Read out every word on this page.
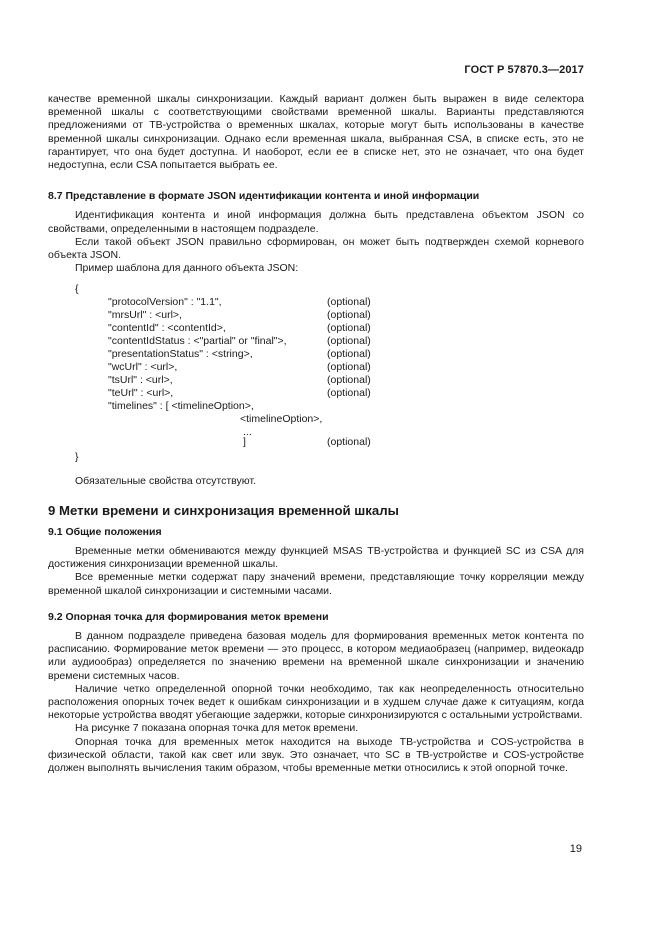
ГОСТ Р 57870.3—2017

качестве временной шкалы синхронизации. Каждый вариант должен быть выражен в виде селектора временной шкалы с соответствующими свойствами временной шкалы. Варианты представляются предложениями от ТВ-устройства о временных шкалах, которые могут быть использованы в качестве временной шкалы синхронизации. Однако если временная шкала, выбранная CSA, в списке есть, это не гарантирует, что она будет доступна. И наоборот, если ее в списке нет, это не означает, что она будет недоступна, если CSA попытается выбрать ее.

8.7 Представление в формате JSON идентификации контента и иной информации

Идентификация контента и иной информация должна быть представлена объектом JSON со свойствами, определенными в настоящем подразделе.

Если такой объект JSON правильно сформирован, он может быть подтвержден схемой корневого объекта JSON.

Пример шаблона для данного объекта JSON:

{
"protocolVersion" : "1.1",	(optional)
"mrsUrl" : <url>,	(optional)
"contentId" : <contentId>,	(optional)
"contentIdStatus : <"partial" or "final">,	(optional)
"presentationStatus" : <string>,	(optional)
"wcUrl" : <url>,	(optional)
"tsUrl" : <url>,	(optional)
"teUrl" : <url>,	(optional)
"timelines" : [ <timelineOption>,
<timelineOption>,
...
]	(optional)
}

Обязательные свойства отсутствуют.

9 Метки времени и синхронизация временной шкалы

9.1 Общие положения

Временные метки обмениваются между функцией MSAS ТВ-устройства и функцией SC из CSA для достижения синхронизации временной шкалы.

Все временные метки содержат пару значений времени, представляющие точку корреляции между временной шкалой синхронизации и системными часами.

9.2 Опорная точка для формирования меток времени

В данном подразделе приведена базовая модель для формирования временных меток контента по расписанию. Формирование меток времени — это процесс, в котором медиаобразец (например, видеокадр или аудиообраз) определяется по значению времени на временной шкале синхронизации и значению времени системных часов.

Наличие четко определенной опорной точки необходимо, так как неопределенность относительно расположения опорных точек ведет к ошибкам синхронизации и в худшем случае даже к ситуациям, когда некоторые устройства вводят убегающие задержки, которые синхронизируются с остальными устройствами.

На рисунке 7 показана опорная точка для меток времени.

Опорная точка для временных меток находится на выходе ТВ-устройства и COS-устройства в физической области, такой как свет или звук. Это означает, что SC в ТВ-устройстве и COS-устройстве должен выполнять вычисления таким образом, чтобы временные метки относились к этой опорной точке.

19
